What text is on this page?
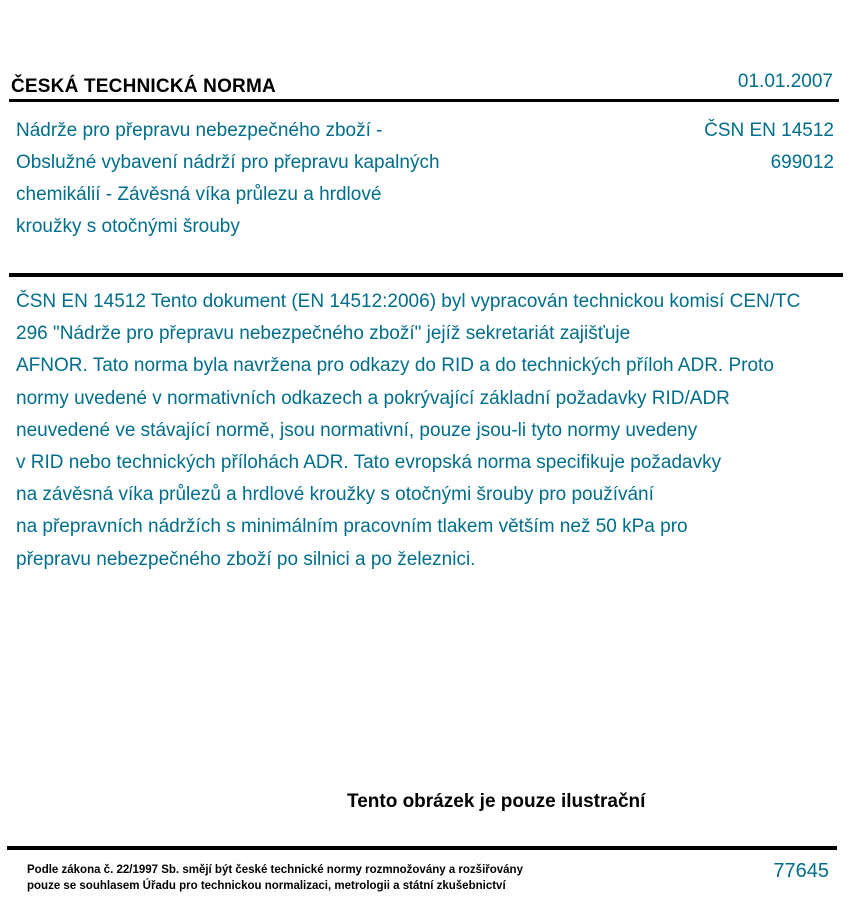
ČESKÁ TECHNICKÁ NORMA	01.01.2007
Nádrže pro přepravu nebezpečného zboží -
Obslužné vybavení nádrží pro přepravu kapalných
chemikálií - Závěsná víka průlezu a hrdlové
kroužky s otočnými šrouby
ČSN EN 14512
699012
ČSN EN 14512 Tento dokument (EN 14512:2006) byl vypracován technickou komisí CEN/TC
296 "Nádrže pro přepravu nebezpečného zboží" jejíž sekretariát zajišťuje
AFNOR. Tato norma byla navržena pro odkazy do RID a do technických příloh ADR. Proto
normy uvedené v normativních odkazech a pokrývající základní požadavky RID/ADR
neuvedené ve stávající normě, jsou normativní, pouze jsou-li tyto normy uvedeny
v RID nebo technických přílohách ADR. Tato evropská norma specifikuje požadavky
na závěsná víka průlezů a hrdlové kroužky s otočnými šrouby pro používání
na přepravních nádržích s minimálním pracovním tlakem větším než 50 kPa pro
přepravu nebezpečného zboží po silnici a po železnici.
Tento obrázek je pouze ilustrační
Podle zákona č. 22/1997 Sb. smějí být české technické normy rozmnožovány a rozšiřovány
pouze se souhlasem Úřadu pro technickou normalizaci, metrologii a státní zkušebnictví
77645
